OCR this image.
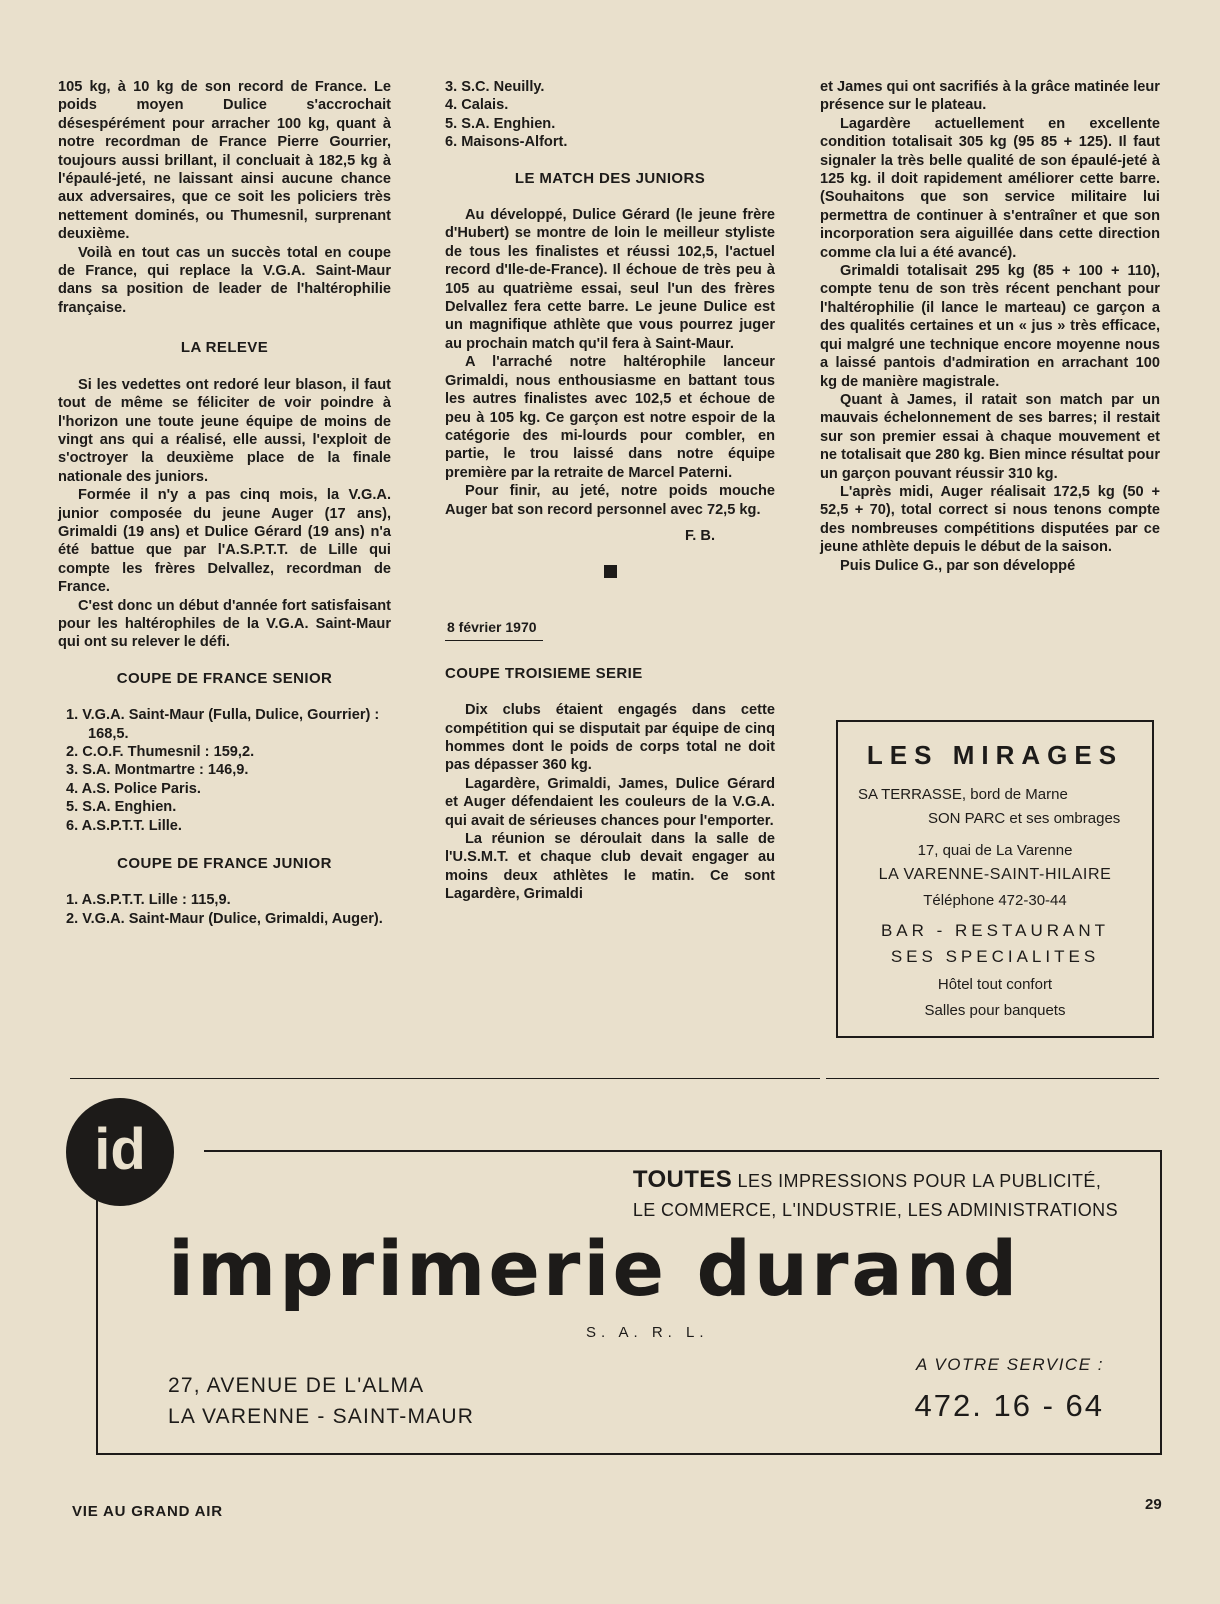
105 kg, à 10 kg de son record de France. Le poids moyen Dulice s'accrochait désespérément pour arracher 100 kg, quant à notre recordman de France Pierre Gourrier, toujours aussi brillant, il concluait à 182,5 kg à l'épaulé-jeté, ne laissant ainsi aucune chance aux adversaires, que ce soit les policiers très nettement dominés, ou Thumesnil, surprenant deuxième.

Voilà en tout cas un succès total en coupe de France, qui replace la V.G.A. Saint-Maur dans sa position de leader de l'haltérophilie française.

LA RELEVE

Si les vedettes ont redoré leur blason, il faut tout de même se féliciter de voir poindre à l'horizon une toute jeune équipe de moins de vingt ans qui a réalisé, elle aussi, l'exploit de s'octroyer la deuxième place de la finale nationale des juniors.

Formée il n'y a pas cinq mois, la V.G.A. junior composée du jeune Auger (17 ans), Grimaldi (19 ans) et Dulice Gérard (19 ans) n'a été battue que par l'A.S.P.T.T. de Lille qui compte les frères Delvallez, recordman de France.

C'est donc un début d'année fort satisfaisant pour les haltérophiles de la V.G.A. Saint-Maur qui ont su relever le défi.

COUPE DE FRANCE SENIOR
1. V.G.A. Saint-Maur (Fulla, Dulice, Gourrier) : 168,5.
2. C.O.F. Thumesnil : 159,2.
3. S.A. Montmartre : 146,9.
4. A.S. Police Paris.
5. S.A. Enghien.
6. A.S.P.T.T. Lille.
COUPE DE FRANCE JUNIOR
1. A.S.P.T.T. Lille : 115,9.
2. V.G.A. Saint-Maur (Dulice, Grimaldi, Auger).
3. S.C. Neuilly.
4. Calais.
5. S.A. Enghien.
6. Maisons-Alfort.
LE MATCH DES JUNIORS

Au développé, Dulice Gérard (le jeune frère d'Hubert) se montre de loin le meilleur styliste de tous les finalistes et réussi 102,5, l'actuel record d'Ile-de-France). Il échoue de très peu à 105 au quatrième essai, seul l'un des frères Delvallez fera cette barre. Le jeune Dulice est un magnifique athlète que vous pourrez juger au prochain match qu'il fera à Saint-Maur.

A l'arraché notre haltérophile lanceur Grimaldi, nous enthousiasme en battant tous les autres finalistes avec 102,5 et échoue de peu à 105 kg. Ce garçon est notre espoir de la catégorie des mi-lourds pour combler, en partie, le trou laissé dans notre équipe première par la retraite de Marcel Paterni.

Pour finir, au jeté, notre poids mouche Auger bat son record personnel avec 72,5 kg.

F. B.
8 février 1970
COUPE TROISIEME SERIE

Dix clubs étaient engagés dans cette compétition qui se disputait par équipe de cinq hommes dont le poids de corps total ne doit pas dépasser 360 kg.

Lagardère, Grimaldi, James, Dulice Gérard et Auger défendaient les couleurs de la V.G.A. qui avait de sérieuses chances pour l'emporter.

La réunion se déroulait dans la salle de l'U.S.M.T. et chaque club devait engager au moins deux athlètes le matin. Ce sont Lagardère, Grimaldi

et James qui ont sacrifiés à la grâce matinée leur présence sur le plateau.

Lagardère actuellement en excellente condition totalisait 305 kg (95 85 + 125). Il faut signaler la très belle qualité de son épaulé-jeté à 125 kg. il doit rapidement améliorer cette barre. (Souhaitons que son service militaire lui permettra de continuer à s'entraîner et que son incorporation sera aiguillée dans cette direction comme cla lui a été avancé).

Grimaldi totalisait 295 kg (85 + 100 + 110), compte tenu de son très récent penchant pour l'haltérophilie (il lance le marteau) ce garçon a des qualités certaines et un « jus » très efficace, qui malgré une technique encore moyenne nous a laissé pantois d'admiration en arrachant 100 kg de manière magistrale.

Quant à James, il ratait son match par un mauvais échelonnement de ses barres; il restait sur son premier essai à chaque mouvement et ne totalisait que 280 kg. Bien mince résultat pour un garçon pouvant réussir 310 kg.

L'après midi, Auger réalisait 172,5 kg (50 + 52,5 + 70), total correct si nous tenons compte des nombreuses compétitions disputées par ce jeune athlète depuis le début de la saison.

Puis Dulice G., par son développé

LES MIRAGES
SA TERRASSE, bord de Marne
SON PARC et ses ombrages
17, quai de La Varenne
LA VARENNE-SAINT-HILAIRE
Téléphone 472-30-44
BAR - RESTAURANT
SES SPECIALITES
Hôtel tout confort
Salles pour banquets
TOUTES LES IMPRESSIONS POUR LA PUBLICITÉ,
LE COMMERCE, L'INDUSTRIE, LES ADMINISTRATIONS
imprimerie durand
S. A. R. L.
27, AVENUE DE L'ALMA
LA VARENNE - SAINT-MAUR
A VOTRE SERVICE :
472. 16 - 64
id
VIE AU GRAND AIR	29
